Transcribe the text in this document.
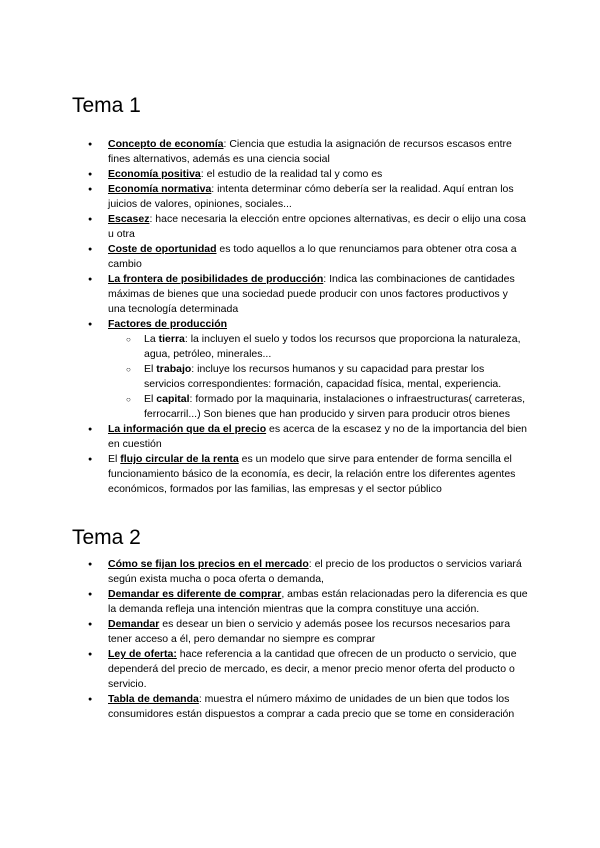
Tema 1
● Concepto de economía: Ciencia que estudia la asignación de recursos escasos entre fines alternativos, además es una ciencia social
● Economía positiva: el estudio de la realidad tal y como es
● Economía normativa: intenta determinar cómo debería ser la realidad. Aquí entran los juicios de valores, opiniones, sociales...
● Escasez: hace necesaria la elección entre opciones alternativas, es decir o elijo una cosa u otra
● Coste de oportunidad es todo aquellos a lo que renunciamos para obtener otra cosa a cambio
● La frontera de posibilidades de producción: Indica las combinaciones de cantidades máximas de bienes que una sociedad puede producir con unos factores productivos y una tecnología determinada
● Factores de producción
○ La tierra: la incluyen el suelo y todos los recursos que proporciona la naturaleza, agua, petróleo, minerales...
○ El trabajo: incluye los recursos humanos y su capacidad para prestar los servicios correspondientes: formación, capacidad física, mental, experiencia.
○ El capital: formado por la maquinaria, instalaciones o infraestructuras( carreteras, ferrocarril...) Son bienes que han producido y sirven para producir otros bienes
● La información que da el precio es acerca de la escasez y no de la importancia del bien en cuestión
● El flujo circular de la renta es un modelo que sirve para entender de forma sencilla el funcionamiento básico de la economía, es decir, la relación entre los diferentes agentes económicos, formados por las familias, las empresas y el sector público
Tema 2
● Cómo se fijan los precios en el mercado: el precio de los productos o servicios variará según exista mucha o poca oferta o demanda,
● Demandar es diferente de comprar, ambas están relacionadas pero la diferencia es que la demanda refleja una intención mientras que la compra constituye una acción.
● Demandar es desear un bien o servicio y además posee los recursos necesarios para tener acceso a él, pero demandar no siempre es comprar
● Ley de oferta: hace referencia a la cantidad que ofrecen de un producto o servicio, que dependerá del precio de mercado, es decir, a menor precio menor oferta del producto o servicio.
● Tabla de demanda: muestra el número máximo de unidades de un bien que todos los consumidores están dispuestos a comprar a cada precio que se tome en consideración
